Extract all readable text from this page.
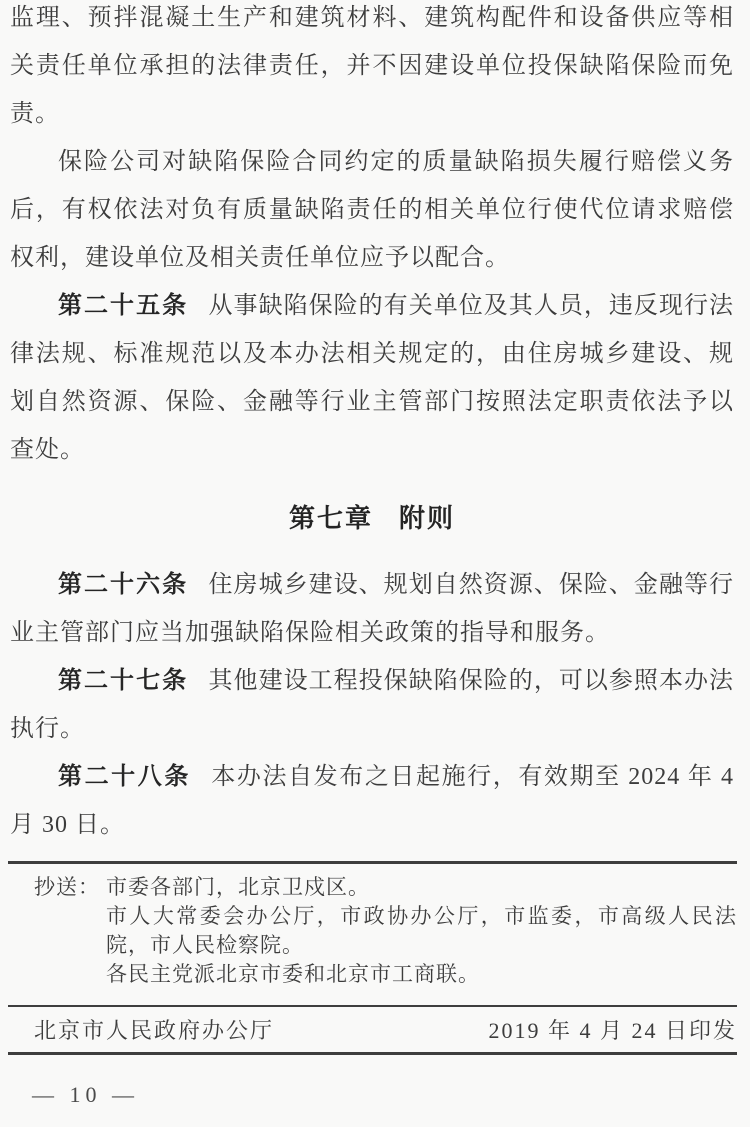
监理、预拌混凝土生产和建筑材料、建筑构配件和设备供应等相关责任单位承担的法律责任，并不因建设单位投保缺陷保险而免责。

保险公司对缺陷保险合同约定的质量缺陷损失履行赔偿义务后，有权依法对负有质量缺陷责任的相关单位行使代位请求赔偿权利，建设单位及相关责任单位应予以配合。

第二十五条 从事缺陷保险的有关单位及其人员，违反现行法律法规、标准规范以及本办法相关规定的，由住房城乡建设、规划自然资源、保险、金融等行业主管部门按照法定职责依法予以查处。

第七章 附则

第二十六条 住房城乡建设、规划自然资源、保险、金融等行业主管部门应当加强缺陷保险相关政策的指导和服务。

第二十七条 其他建设工程投保缺陷保险的，可以参照本办法执行。

第二十八条 本办法自发布之日起施行，有效期至 2024 年 4 月 30 日。

抄送： 市委各部门，北京卫戍区。

市人大常委会办公厅，市政协办公厅，市监委，市高级人民法院，市人民检察院。

各民主党派北京市委和北京市工商联。

北京市人民政府办公厅	2019 年 4 月 24 日印发
— 10 —
